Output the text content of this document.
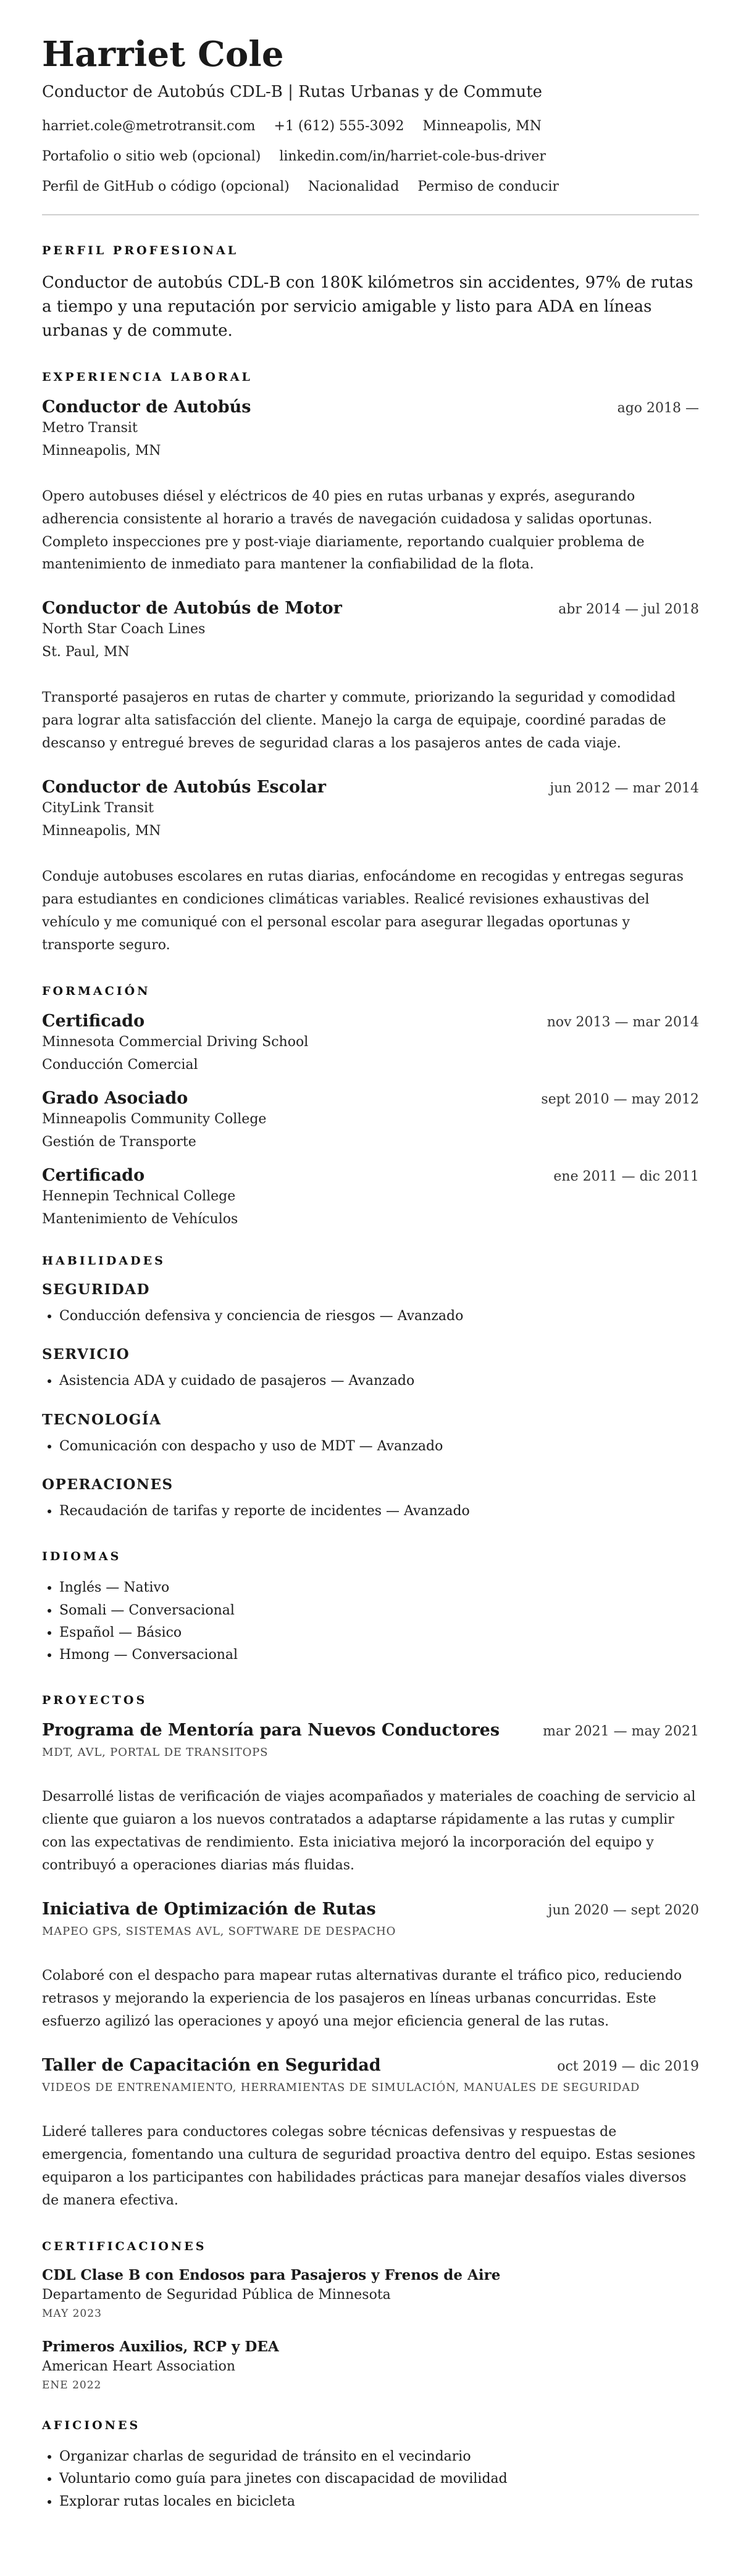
Harriet Cole
Conductor de Autobús CDL-B | Rutas Urbanas y de Commute
harriet.cole@metrotransit.com +1 (612) 555-3092 Minneapolis, MN
Portafolio o sitio web (opcional) linkedin.com/in/harriet-cole-bus-driver
Perfil de GitHub o código (opcional) Nacionalidad Permiso de conducir
PERFIL PROFESIONAL

Conductor de autobús CDL-B con 180K kilómetros sin accidentes, 97% de rutas a tiempo y una reputación por servicio amigable y listo para ADA en líneas urbanas y de commute.

EXPERIENCIA LABORAL
Conductor de Autobús	ago 2018 —
Metro Transit
Minneapolis, MN
Opero autobuses diésel y eléctricos de 40 pies en rutas urbanas y exprés, asegurando adherencia consistente al horario a través de navegación cuidadosa y salidas oportunas. Completo inspecciones pre y post-viaje diariamente, reportando cualquier problema de mantenimiento de inmediato para mantener la confiabilidad de la flota.
Conductor de Autobús de Motor	abr 2014 — jul 2018
North Star Coach Lines
St. Paul, MN
Transporté pasajeros en rutas de charter y commute, priorizando la seguridad y comodidad para lograr alta satisfacción del cliente. Manejo la carga de equipaje, coordiné paradas de descanso y entregué breves de seguridad claras a los pasajeros antes de cada viaje.
Conductor de Autobús Escolar	jun 2012 — mar 2014
CityLink Transit
Minneapolis, MN
Conduje autobuses escolares en rutas diarias, enfocándome en recogidas y entregas seguras para estudiantes en condiciones climáticas variables. Realicé revisiones exhaustivas del vehículo y me comuniqué con el personal escolar para asegurar llegadas oportunas y transporte seguro.
FORMACIÓN
Certificado	nov 2013 — mar 2014
Minnesota Commercial Driving School
Conducción Comercial
Grado Asociado	sept 2010 — may 2012
Minneapolis Community College
Gestión de Transporte
Certificado	ene 2011 — dic 2011
Hennepin Technical College
Mantenimiento de Vehículos
HABILIDADES
SEGURIDAD
• Conducción defensiva y conciencia de riesgos — Avanzado
SERVICIO
• Asistencia ADA y cuidado de pasajeros — Avanzado
TECNOLOGÍA
• Comunicación con despacho y uso de MDT — Avanzado
OPERACIONES
• Recaudación de tarifas y reporte de incidentes — Avanzado
IDIOMAS
• Inglés — Nativo
• Somali — Conversacional
• Español — Básico
• Hmong — Conversacional
PROYECTOS
Programa de Mentoría para Nuevos Conductores	mar 2021 — may 2021
MDT, AVL, PORTAL DE TRANSITOPS
Desarrollé listas de verificación de viajes acompañados y materiales de coaching de servicio al cliente que guiaron a los nuevos contratados a adaptarse rápidamente a las rutas y cumplir con las expectativas de rendimiento. Esta iniciativa mejoró la incorporación del equipo y contribuyó a operaciones diarias más fluidas.
Iniciativa de Optimización de Rutas	jun 2020 — sept 2020
MAPEO GPS, SISTEMAS AVL, SOFTWARE DE DESPACHO
Colaboré con el despacho para mapear rutas alternativas durante el tráfico pico, reduciendo retrasos y mejorando la experiencia de los pasajeros en líneas urbanas concurridas. Este esfuerzo agilizó las operaciones y apoyó una mejor eficiencia general de las rutas.
Taller de Capacitación en Seguridad	oct 2019 — dic 2019
VIDEOS DE ENTRENAMIENTO, HERRAMIENTAS DE SIMULACIÓN, MANUALES DE SEGURIDAD
Lideré talleres para conductores colegas sobre técnicas defensivas y respuestas de emergencia, fomentando una cultura de seguridad proactiva dentro del equipo. Estas sesiones equiparon a los participantes con habilidades prácticas para manejar desafíos viales diversos de manera efectiva.
CERTIFICACIONES
CDL Clase B con Endosos para Pasajeros y Frenos de Aire
Departamento de Seguridad Pública de Minnesota
MAY 2023
Primeros Auxilios, RCP y DEA
American Heart Association
ENE 2022
AFICIONES
• Organizar charlas de seguridad de tránsito en el vecindario
• Voluntario como guía para jinetes con discapacidad de movilidad
• Explorar rutas locales en bicicleta
